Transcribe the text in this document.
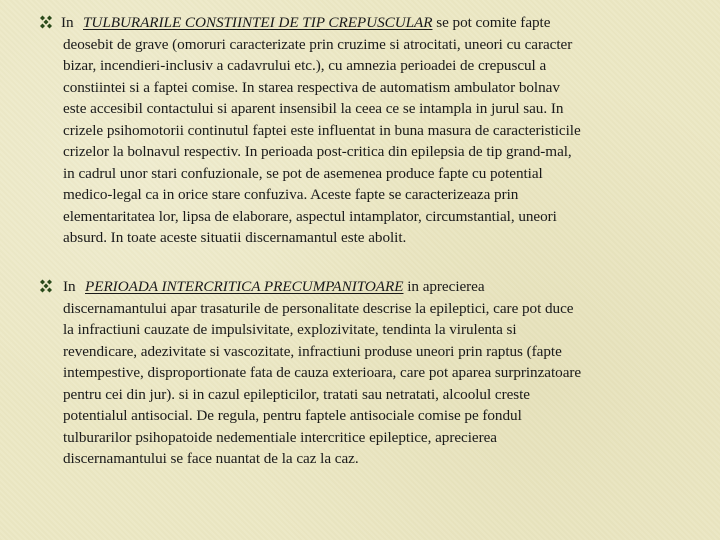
In TULBURARILE CONSTIINTEI DE TIP CREPUSCULAR se pot comite fapte
deosebit de grave (omoruri caracterizate prin cruzime si atrocitati, uneori cu caracter
bizar, incendieri-inclusiv a cadavrului etc.), cu amnezia perioadei de crepuscul a
constiintei si a faptei comise. In starea respectiva de automatism ambulator bolnav
este accesibil contactului si aparent insensibil la ceea ce se intampla in jurul sau. In
crizele psihomotorii continutul faptei este influentat in buna masura de caracteristicile
crizelor la bolnavul respectiv. In perioada post-critica din epilepsia de tip grand-mal,
in cadrul unor stari confuzionale, se pot de asemenea produce fapte cu potential
medico-legal ca in orice stare confuziva. Aceste fapte se caracterizeaza prin
elementaritatea lor, lipsa de elaborare, aspectul intamplator, circumstantial, uneori
absurd. In toate aceste situatii discernamantul este abolit.
In PERIOADA INTERCRITICA PRECUMPANITOARE in aprecierea
discernamantului apar trasaturile de personalitate descrise la epileptici, care pot duce
la infractiuni cauzate de impulsivitate, explozivitate, tendinta la virulenta si
revendicare, adezivitate si vascozitate, infractiuni produse uneori prin raptus (fapte
intempestive, disproportionate fata de cauza exterioara, care pot aparea surprinzatoare
pentru cei din jur). si in cazul epilepticilor, tratati sau netratati, alcoolul creste
potentialul antisocial. De regula, pentru faptele antisociale comise pe fondul
tulburarilor psihopatoide nedementiale intercritice epileptice, aprecierea
discernamantului se face nuantat de la caz la caz.
